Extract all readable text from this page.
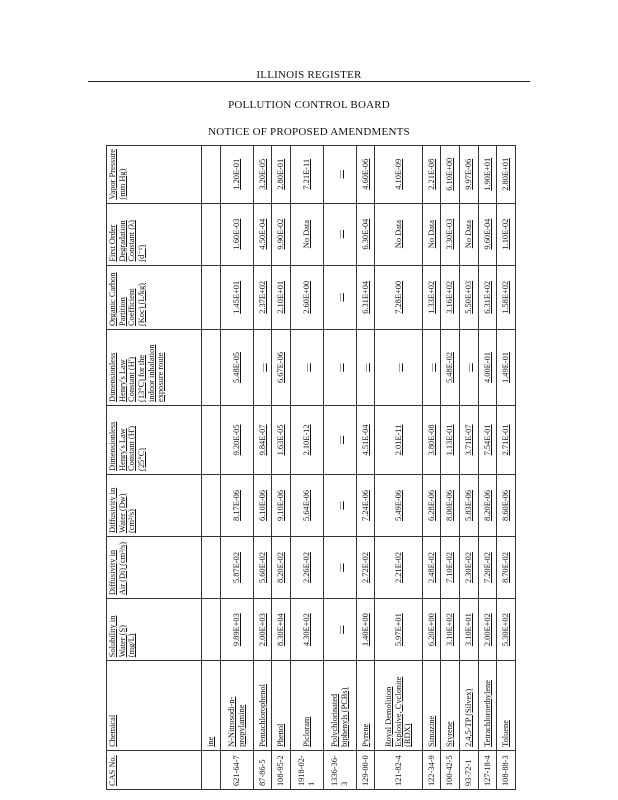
ILLINOIS REGISTER
POLLUTION CONTROL BOARD
NOTICE OF PROPOSED AMENDMENTS
CAS No.	Chemical	Solubility in Water (S) (mg/L)	Diffusivity in Air (Di) (cm²/s)	Diffusivity in Water (Dw) (cm²/s)	Dimensionless Henry's Law Constant (H') (25°C)	Dimensionless Henry's Law Constant (H') (13°C) for the indoor inhalation exposure route	Organic Carbon Partition Coefficient (Koc) (L/kg)	First Order Degradation Constant (λ) (d⁻¹)	Vapor Pressure (mm Hg)
	ine								
621-64-7	N-Nitrosodi-n-propylamine	9.89E+03	5.87E-02	8.17E-06	9.20E-05	5.48E-05	1.45E+01	1.60E-03	1.20E-01
87-86-5	Pentachlorophenol	2.00E+03	5.60E-02	6.10E-06	9.84E-07	—	2.37E+02	4.50E-04	3.20E-05
108-95-2	Phenol	8.30E+04	8.20E-02	9.10E-06	1.63E-05	6.67E-06	2.10E+01	9.90E-02	2.80E-01
1918-02-1	Picloram	4.30E+02	2.26E-02	5.64E-06	2.10E-12	—	2.60E+00	No Data	7.21E-11
1336-36-3	Polychlorinated biphenyls (PCBs)	—	—	—	—	—	—	—	—
129-00-0	Pyrene	1.40E+00	2.72E-02	7.24E-06	4.51E-04	—	6.31E+04	6.30E-04	4.60E-06
121-82-4	Royal Demolition Explosive, Cyclonite (RDX)	5.97E+01	2.21E-02	5.49E-06	2.01E-11	—	7.28E+00	No Data	4.10E-09
122-34-9	Simazine	6.20E+00	2.48E-02	6.28E-06	3.80E-08	—	1.33E+02	No Data	2.21E-08
100-42-5	Styrene	3.10E+02	7.10E-02	8.00E-06	1.13E-01	5.48E-02	3.16E+02	3.30E-03	6.10E+00
93-72-1	2,4,5-TP (Silvex)	3.10E+01	2.30E-02	5.83E-06	3.71E-07	—	5.50E+03	No Data	9.97E-06
127-18-4	Tetrachloroethylene	2.00E+02	7.20E-02	8.20E-06	7.54E-01	4.00E-01	6.31E+02	9.60E-04	1.90E+01
108-88-3	Toluene	5.30E+02	8.70E-02	8.60E-06	2.71E-01	1.49E-01	1.58E+02	1.10E-02	2.80E+01
